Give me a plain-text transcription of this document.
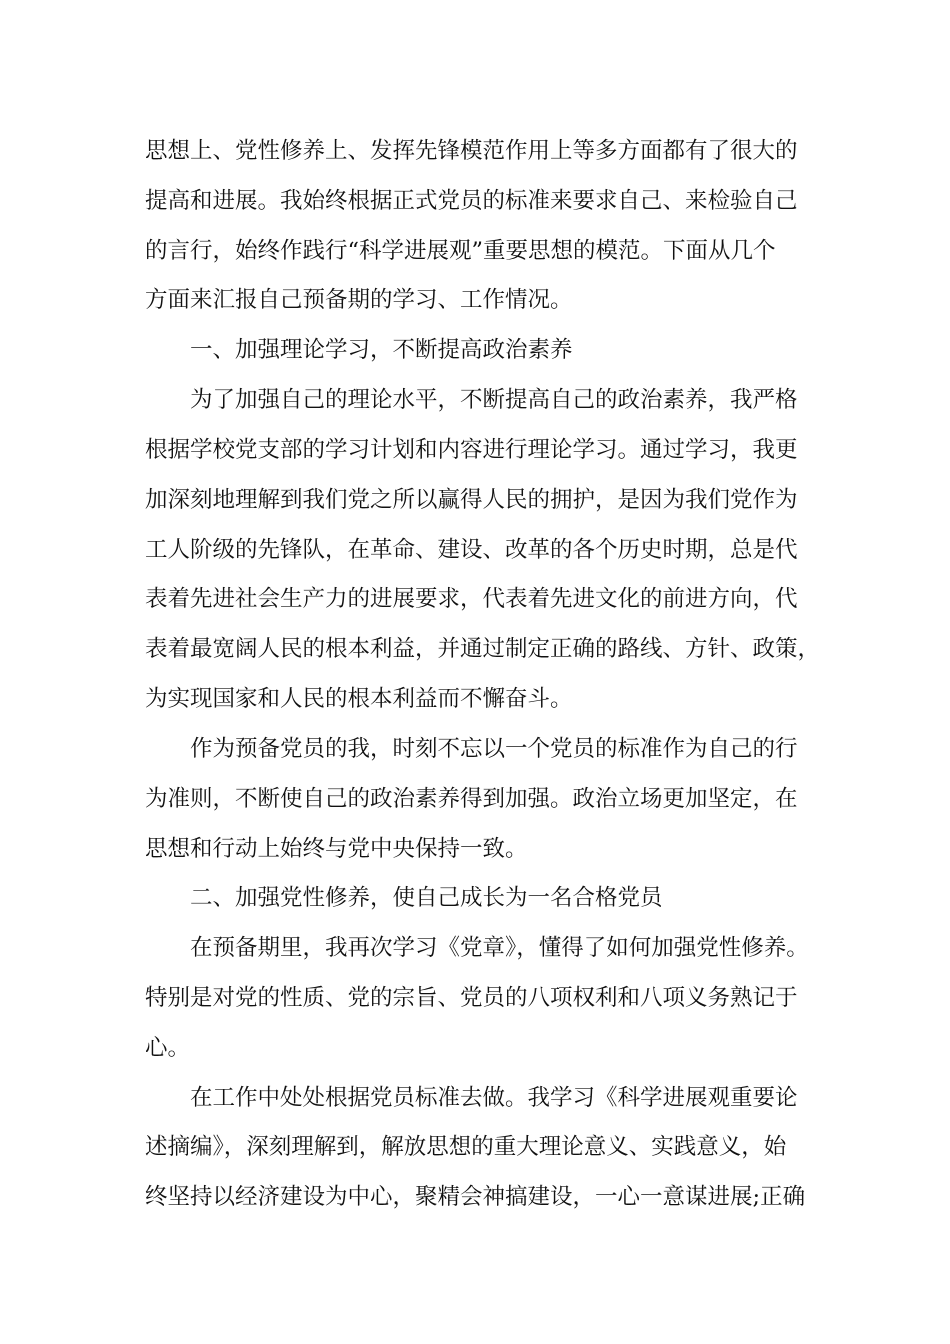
思想上、党性修养上、发挥先锋模范作用上等多方面都有了很大的
提高和进展。我始终根据正式党员的标准来要求自己、来检验自己
的言行，始终作践行“科学进展观”重要思想的模范。下面从几个
方面来汇报自己预备期的学习、工作情况。
一、加强理论学习，不断提高政治素养
为了加强自己的理论水平，不断提高自己的政治素养，我严格
根据学校党支部的学习计划和内容进行理论学习。通过学习，我更
加深刻地理解到我们党之所以赢得人民的拥护，是因为我们党作为
工人阶级的先锋队，在革命、建设、改革的各个历史时期，总是代
表着先进社会生产力的进展要求，代表着先进文化的前进方向，代
表着最宽阔人民的根本利益，并通过制定正确的路线、方针、政策，
为实现国家和人民的根本利益而不懈奋斗。
作为预备党员的我，时刻不忘以一个党员的标准作为自己的行
为准则，不断使自己的政治素养得到加强。政治立场更加坚定，在
思想和行动上始终与党中央保持一致。
二、加强党性修养，使自己成长为一名合格党员
在预备期里，我再次学习《党章》，懂得了如何加强党性修养。
特别是对党的性质、党的宗旨、党员的八项权利和八项义务熟记于
心。
在工作中处处根据党员标准去做。我学习《科学进展观重要论
述摘编》，深刻理解到，解放思想的重大理论意义、实践意义，始
终坚持以经济建设为中心，聚精会神搞建设，一心一意谋进展;正确
